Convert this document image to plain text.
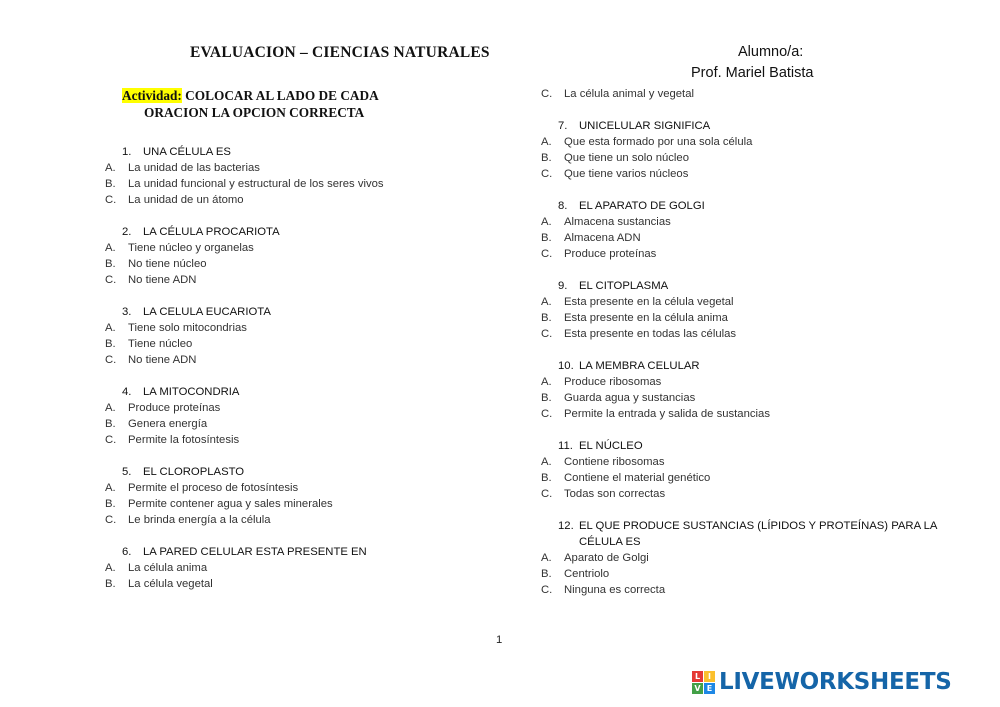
EVALUACION – CIENCIAS NATURALES	Alumno/a:
Prof. Mariel Batista
Actividad: COLOCAR AL LADO DE CADA
ORACION LA OPCION CORRECTA
1.	UNA CÉLULA ES
A.	La unidad de las bacterias
B.	La unidad funcional y estructural de los seres vivos
C.	La unidad de un átomo
2.	LA CÉLULA PROCARIOTA
A.	Tiene núcleo y organelas
B.	No tiene núcleo
C.	No tiene ADN
3.	LA CELULA EUCARIOTA
A.	Tiene solo mitocondrias
B.	Tiene núcleo
C.	No tiene ADN
4.	LA MITOCONDRIA
A.	Produce proteínas
B.	Genera energía
C.	Permite la fotosíntesis
5.	EL CLOROPLASTO
A.	Permite el proceso de fotosíntesis
B.	Permite contener agua y sales minerales
C.	Le brinda energía a la célula
6.	LA PARED CELULAR ESTA PRESENTE EN
A.	La célula anima
B.	La célula vegetal
C.	La célula animal y vegetal
7.	UNICELULAR SIGNIFICA
A.	Que esta formado por una sola célula
B.	Que tiene un solo núcleo
C.	Que tiene varios núcleos
8.	EL APARATO DE GOLGI
A.	Almacena sustancias
B.	Almacena ADN
C.	Produce proteínas
9.	EL CITOPLASMA
A.	Esta presente en la célula vegetal
B.	Esta presente en la célula anima
C.	Esta presente en todas las células
10. LA MEMBRA CELULAR
A.	Produce ribosomas
B.	Guarda agua y sustancias
C.	Permite la entrada y salida de sustancias
11. EL NÚCLEO
A.	Contiene ribosomas
B.	Contiene el material genético
C.	Todas son correctas
12. EL QUE PRODUCE SUSTANCIAS (LÍPIDOS Y PROTEÍNAS) PARA LA CÉLULA ES
A.	Aparato de Golgi
B.	Centriolo
C.	Ninguna es correcta
1
L I
V E LIVEWORKSHEETS
